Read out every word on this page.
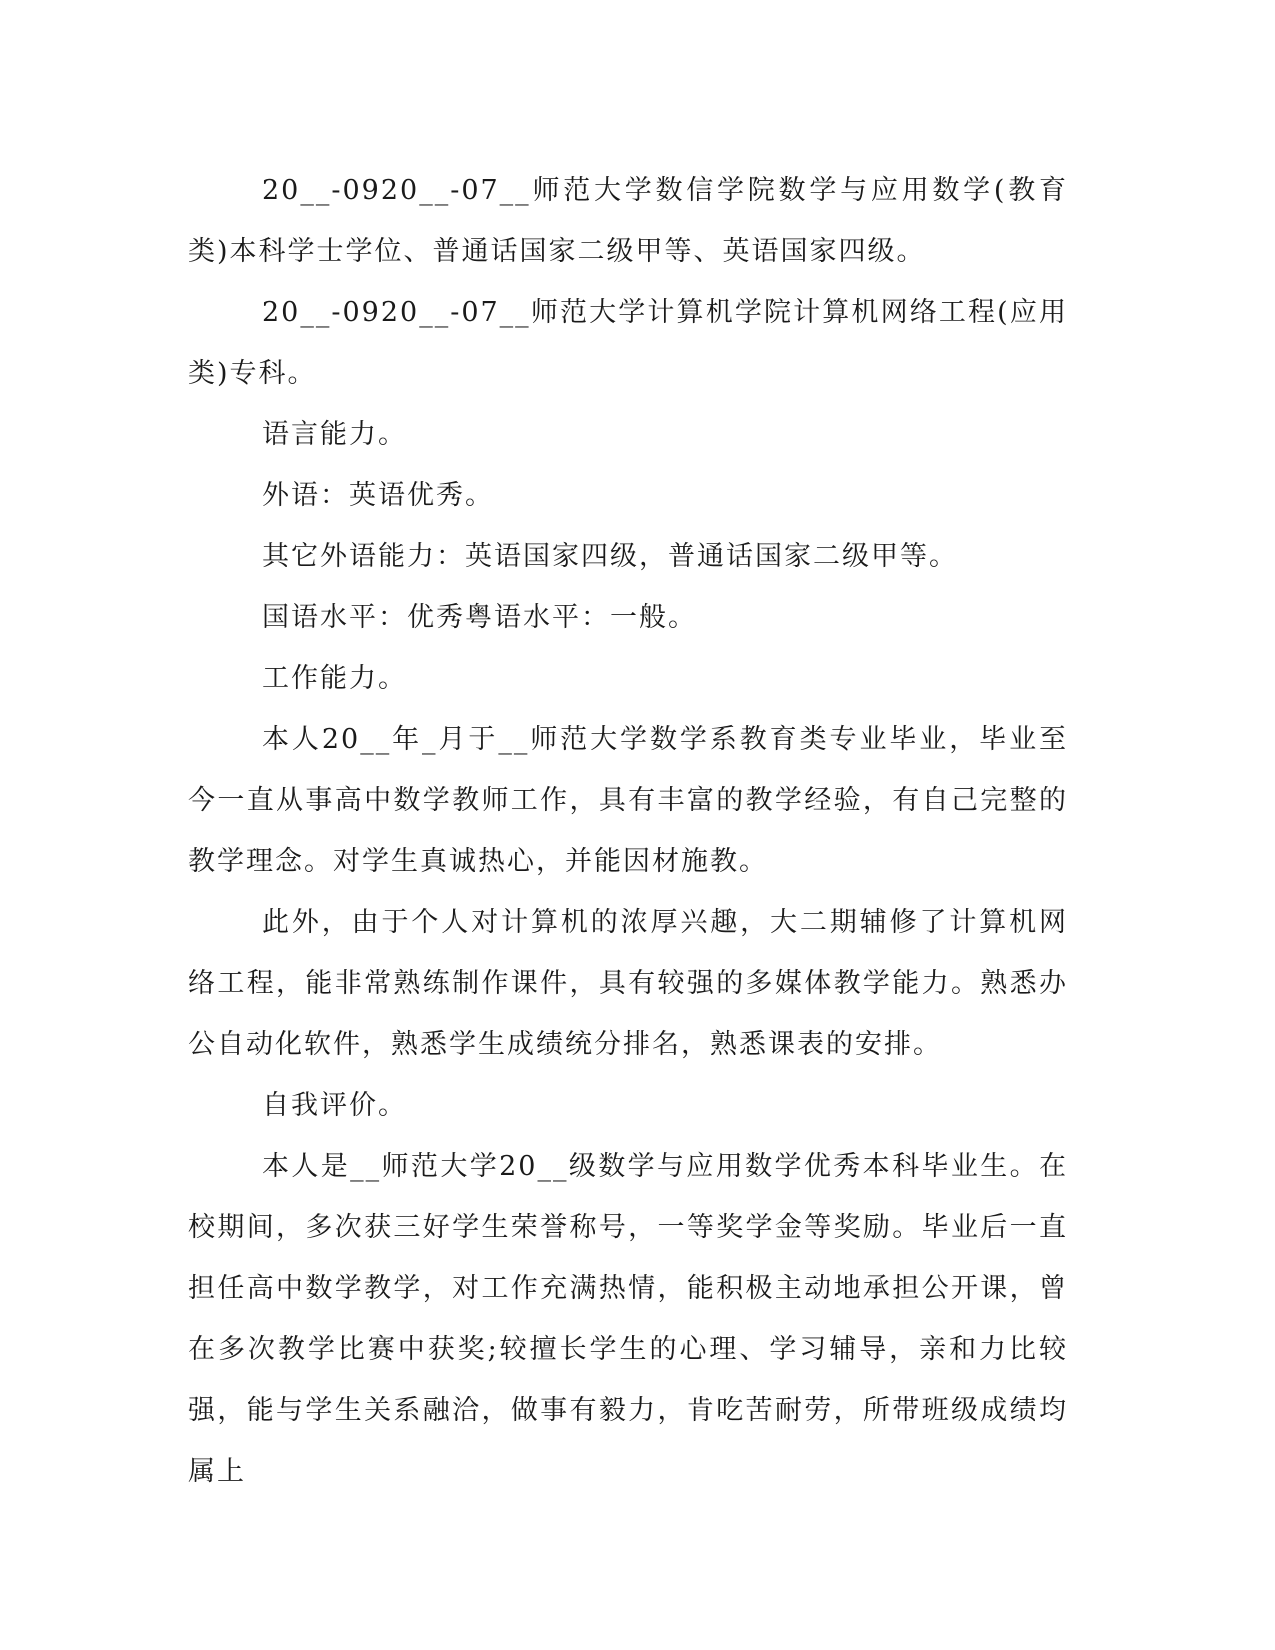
20__-0920__-07__师范大学数信学院数学与应用数学(教育类)本科学士学位、普通话国家二级甲等、英语国家四级。

20__-0920__-07__师范大学计算机学院计算机网络工程(应用类)专科。

语言能力。

外语：英语优秀。

其它外语能力：英语国家四级，普通话国家二级甲等。

国语水平：优秀粤语水平：一般。

工作能力。

本人20__年_月于__师范大学数学系教育类专业毕业，毕业至今一直从事高中数学教师工作，具有丰富的教学经验，有自己完整的教学理念。对学生真诚热心，并能因材施教。

此外，由于个人对计算机的浓厚兴趣，大二期辅修了计算机网络工程，能非常熟练制作课件，具有较强的多媒体教学能力。熟悉办公自动化软件，熟悉学生成绩统分排名，熟悉课表的安排。

自我评价。

本人是__师范大学20__级数学与应用数学优秀本科毕业生。在校期间，多次获三好学生荣誉称号，一等奖学金等奖励。毕业后一直担任高中数学教学，对工作充满热情，能积极主动地承担公开课，曾在多次教学比赛中获奖;较擅长学生的心理、学习辅导，亲和力比较强，能与学生关系融洽，做事有毅力，肯吃苦耐劳，所带班级成绩均属上
